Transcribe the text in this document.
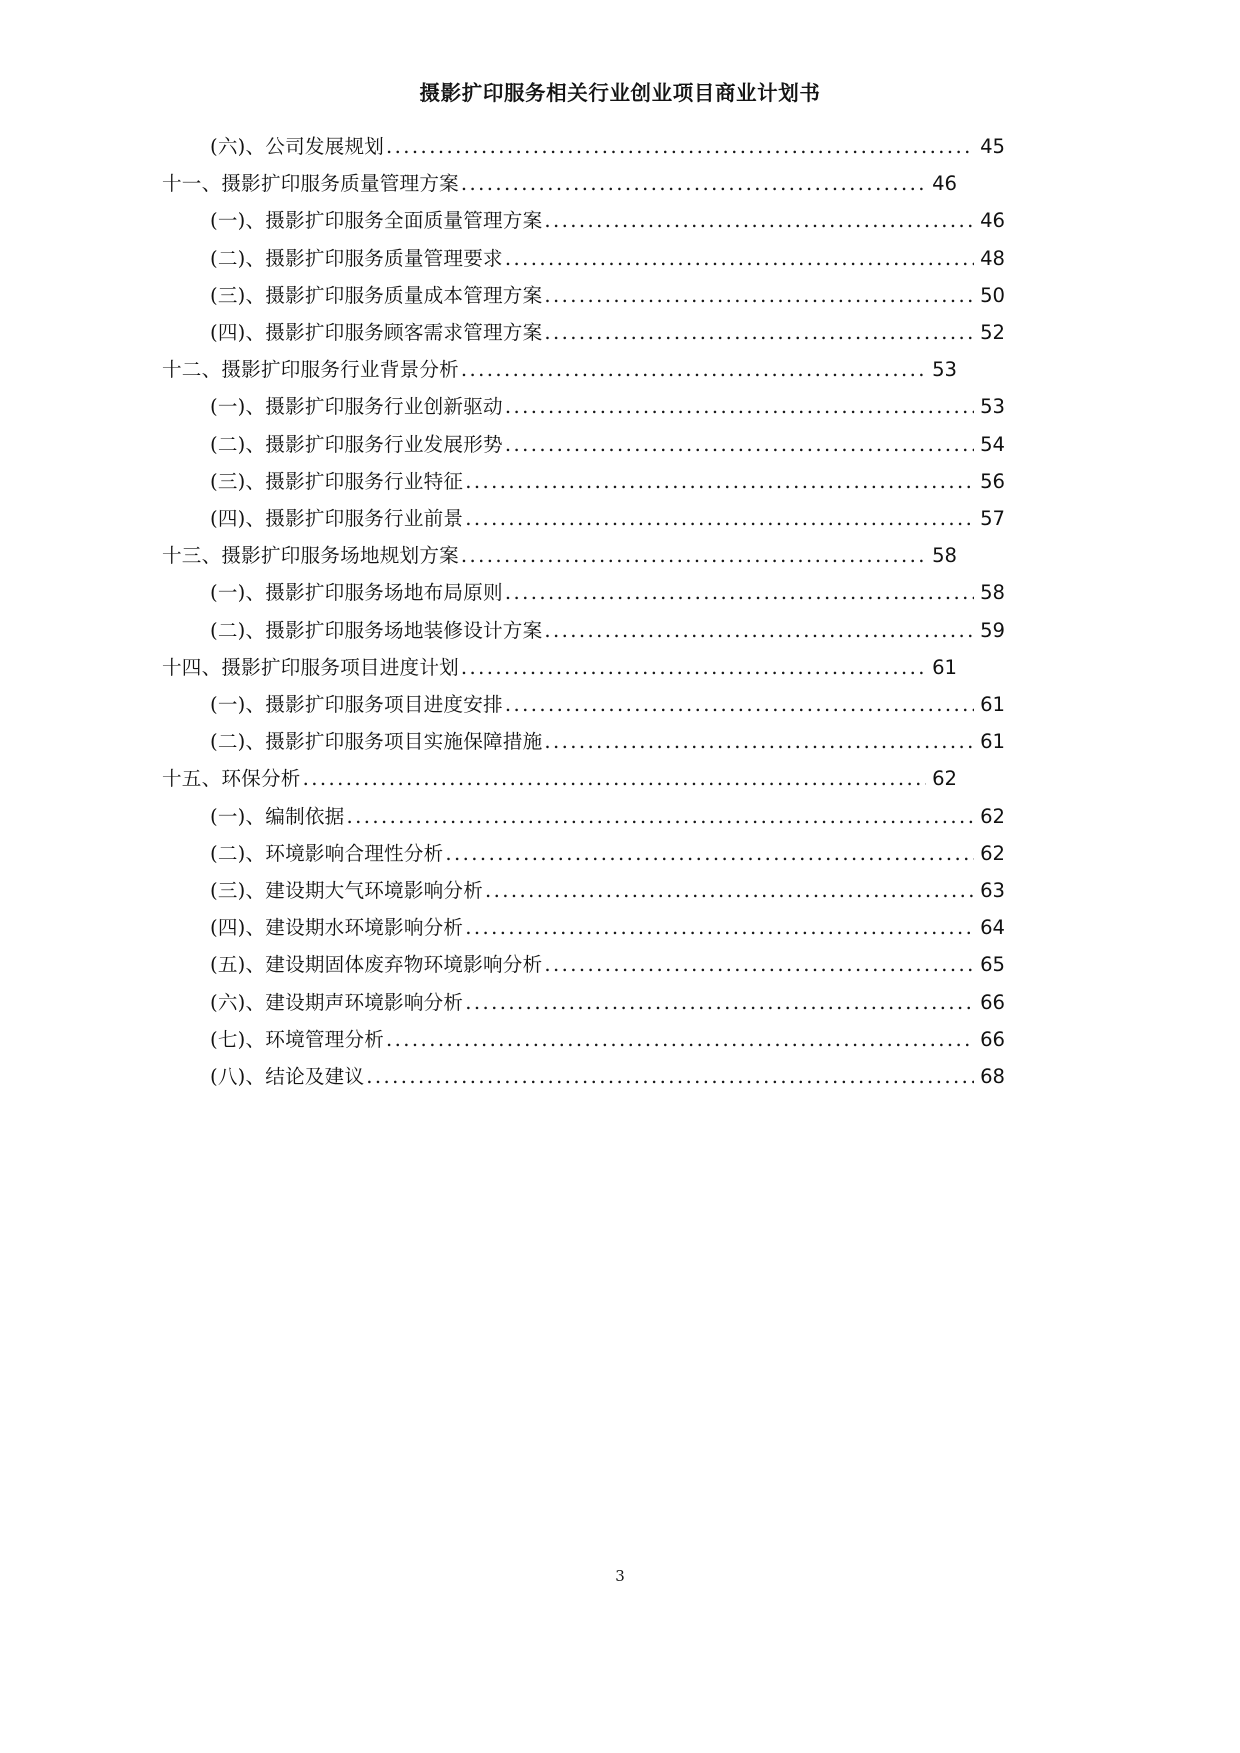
摄影扩印服务相关行业创业项目商业计划书
(六)、公司发展规划 .....	45
十一、摄影扩印服务质量管理方案 .....	46
(一)、摄影扩印服务全面质量管理方案 .....	46
(二)、摄影扩印服务质量管理要求 .....	48
(三)、摄影扩印服务质量成本管理方案 .....	50
(四)、摄影扩印服务顾客需求管理方案 .....	52
十二、摄影扩印服务行业背景分析 .....	53
(一)、摄影扩印服务行业创新驱动 .....	53
(二)、摄影扩印服务行业发展形势 .....	54
(三)、摄影扩印服务行业特征 .....	56
(四)、摄影扩印服务行业前景 .....	57
十三、摄影扩印服务场地规划方案 .....	58
(一)、摄影扩印服务场地布局原则 .....	58
(二)、摄影扩印服务场地装修设计方案 .....	59
十四、摄影扩印服务项目进度计划 .....	61
(一)、摄影扩印服务项目进度安排 .....	61
(二)、摄影扩印服务项目实施保障措施 .....	61
十五、环保分析 .....	62
(一)、编制依据 .....	62
(二)、环境影响合理性分析 .....	62
(三)、建设期大气环境影响分析 .....	63
(四)、建设期水环境影响分析 .....	64
(五)、建设期固体废弃物环境影响分析 .....	65
(六)、建设期声环境影响分析 .....	66
(七)、环境管理分析 .....	66
(八)、结论及建议 .....	68
3
